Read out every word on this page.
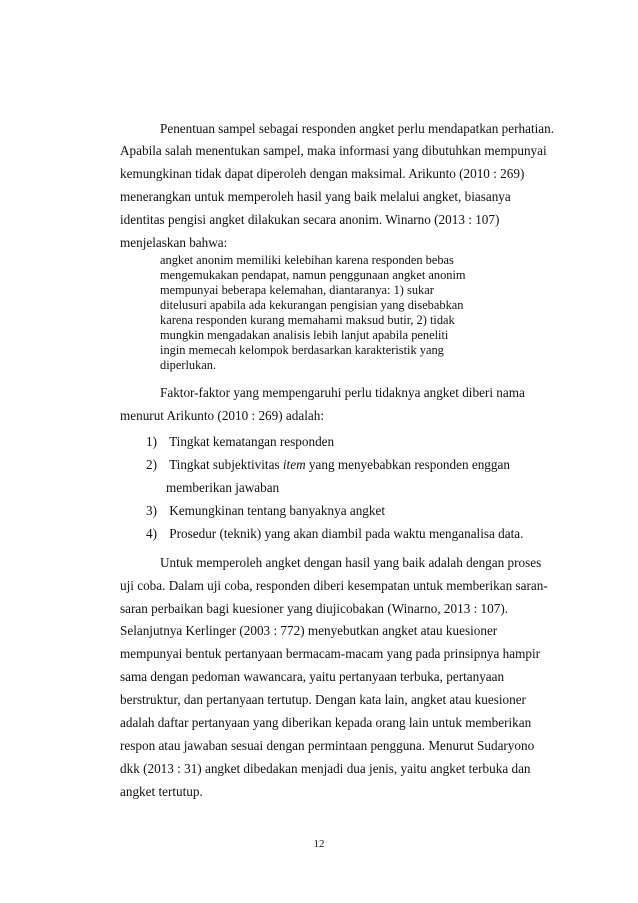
Penentuan sampel sebagai responden angket perlu mendapatkan perhatian.
Apabila salah menentukan sampel, maka informasi yang dibutuhkan mempunyai
kemungkinan tidak dapat diperoleh dengan maksimal. Arikunto (2010 : 269)
menerangkan untuk memperoleh hasil yang baik melalui angket, biasanya
identitas pengisi angket dilakukan secara anonim. Winarno (2013 : 107)
menjelaskan bahwa:
angket anonim memiliki kelebihan karena responden bebas
mengemukakan pendapat, namun penggunaan angket anonim
mempunyai beberapa kelemahan, diantaranya: 1) sukar
ditelusuri apabila ada kekurangan pengisian yang disebabkan
karena responden kurang memahami maksud butir, 2) tidak
mungkin mengadakan analisis lebih lanjut apabila peneliti
ingin memecah kelompok berdasarkan karakteristik yang
diperlukan.
Faktor-faktor yang mempengaruhi perlu tidaknya angket diberi nama
menurut Arikunto (2010 : 269) adalah:
1) Tingkat kematangan responden
2) Tingkat subjektivitas item yang menyebabkan responden enggan
memberikan jawaban
3) Kemungkinan tentang banyaknya angket
4) Prosedur (teknik) yang akan diambil pada waktu menganalisa data.
Untuk memperoleh angket dengan hasil yang baik adalah dengan proses
uji coba. Dalam uji coba, responden diberi kesempatan untuk memberikan saran-
saran perbaikan bagi kuesioner yang diujicobakan (Winarno, 2013 : 107).
Selanjutnya Kerlinger (2003 : 772) menyebutkan angket atau kuesioner
mempunyai bentuk pertanyaan bermacam-macam yang pada prinsipnya hampir
sama dengan pedoman wawancara, yaitu pertanyaan terbuka, pertanyaan
berstruktur, dan pertanyaan tertutup. Dengan kata lain, angket atau kuesioner
adalah daftar pertanyaan yang diberikan kepada orang lain untuk memberikan
respon atau jawaban sesuai dengan permintaan pengguna. Menurut Sudaryono
dkk (2013 : 31) angket dibedakan menjadi dua jenis, yaitu angket terbuka dan
angket tertutup.
12
